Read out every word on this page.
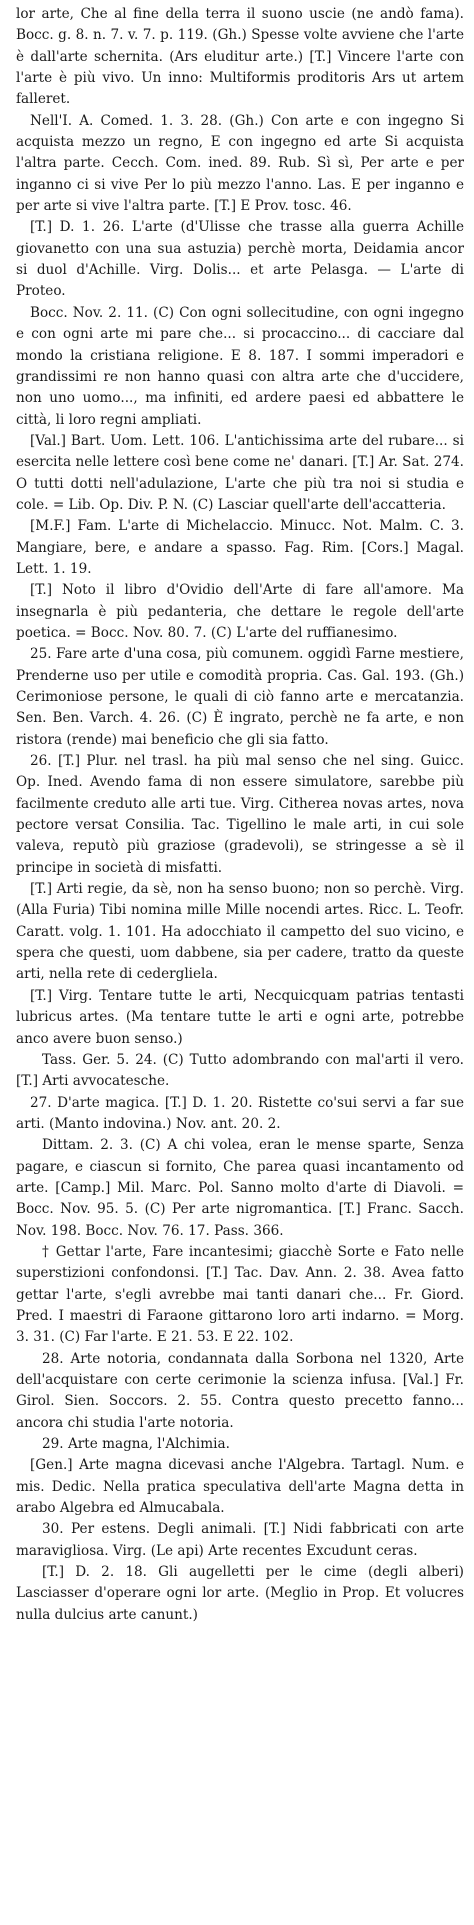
lor arte, Che al fine della terra il suono uscie (ne andò fama). Bocc. g. 8. n. 7. v. 7. p. 119. (Gh.) Spesse volte avviene che l'arte è dall'arte schernita. (Ars eluditur arte.) [T.] Vincere l'arte con l'arte è più vivo. Un inno: Multiformis proditoris Ars ut artem falleret.

Nell'I. A. Comed. 1. 3. 28. (Gh.) Con arte e con ingegno Si acquista mezzo un regno, E con ingegno ed arte Si acquista l'altra parte. Cecch. Com. ined. 89. Rub. Sì sì, Per arte e per inganno ci si vive Per lo più mezzo l'anno. Las. E per inganno e per arte si vive l'altra parte. [T.] E Prov. tosc. 46.

[T.] D. 1. 26. L'arte (d'Ulisse che trasse alla guerra Achille giovanetto con una sua astuzia) perchè morta, Deidamia ancor si duol d'Achille. Virg. Dolis... et arte Pelasga. — L'arte di Proteo.

Bocc. Nov. 2. 11. (C) Con ogni sollecitudine, con ogni ingegno e con ogni arte mi pare che... si procaccino... di cacciare dal mondo la cristiana religione. E 8. 187. I sommi imperadori e grandissimi re non hanno quasi con altra arte che d'uccidere, non uno uomo..., ma infiniti, ed ardere paesi ed abbattere le città, li loro regni ampliati.

[Val.] Bart. Uom. Lett. 106. L'antichissima arte del rubare... si esercita nelle lettere così bene come ne' danari. [T.] Ar. Sat. 274. O tutti dotti nell'adulazione, L'arte che più tra noi si studia e cole. = Lib. Op. Div. P. N. (C) Lasciar quell'arte dell'accatteria.

[M.F.] Fam. L'arte di Michelaccio. Minucc. Not. Malm. C. 3. Mangiare, bere, e andare a spasso. Fag. Rim. [Cors.] Magal. Lett. 1. 19.

[T.] Noto il libro d'Ovidio dell'Arte di fare all'amore. Ma insegnarla è più pedanteria, che dettare le regole dell'arte poetica. = Bocc. Nov. 80. 7. (C) L'arte del ruffianesimo.

25. Fare arte d'una cosa, più comunem. oggidì Farne mestiere, Prenderne uso per utile e comodità propria. Cas. Gal. 193. (Gh.) Cerimoniose persone, le quali di ciò fanno arte e mercatanzia. Sen. Ben. Varch. 4. 26. (C) È ingrato, perchè ne fa arte, e non ristora (rende) mai beneficio che gli sia fatto.

26. [T.] Plur. nel trasl. ha più mal senso che nel sing. Guicc. Op. Ined. Avendo fama di non essere simulatore, sarebbe più facilmente creduto alle arti tue. Virg. Citherea novas artes, nova pectore versat Consilia. Tac. Tigellino le male arti, in cui sole valeva, reputò più graziose (gradevoli), se stringesse a sè il principe in società di misfatti.

[T.] Arti regie, da sè, non ha senso buono; non so perchè. Virg. (Alla Furia) Tibi nomina mille Mille nocendi artes. Ricc. L. Teofr. Caratt. volg. 1. 101. Ha adocchiato il campetto del suo vicino, e spera che questi, uom dabbene, sia per cadere, tratto da queste arti, nella rete di cedergliela.

[T.] Virg. Tentare tutte le arti, Necquicquam patrias tentasti lubricus artes. (Ma tentare tutte le arti e ogni arte, potrebbe anco avere buon senso.)

Tass. Ger. 5. 24. (C) Tutto adombrando con mal'arti il vero. [T.] Arti avvocatesche.

27. D'arte magica. [T.] D. 1. 20. Ristette co'sui servi a far sue arti. (Manto indovina.) Nov. ant. 20. 2.

Dittam. 2. 3. (C) A chi volea, eran le mense sparte, Senza pagare, e ciascun si fornito, Che parea quasi incantamento od arte. [Camp.] Mil. Marc. Pol. Sanno molto d'arte di Diavoli. = Bocc. Nov. 95. 5. (C) Per arte nigromantica. [T.] Franc. Sacch. Nov. 198. Bocc. Nov. 76. 17. Pass. 366.

† Gettar l'arte, Fare incantesimi; giacchè Sorte e Fato nelle superstizioni confondonsi. [T.] Tac. Dav. Ann. 2. 38. Avea fatto gettar l'arte, s'egli avrebbe mai tanti danari che... Fr. Giord. Pred. I maestri di Faraone gittarono loro arti indarno. = Morg. 3. 31. (C) Far l'arte. E 21. 53. E 22. 102.

28. Arte notoria, condannata dalla Sorbona nel 1320, Arte dell'acquistare con certe cerimonie la scienza infusa. [Val.] Fr. Girol. Sien. Soccors. 2. 55. Contra questo precetto fanno... ancora chi studia l'arte notoria.

29. Arte magna, l'Alchimia.

[Gen.] Arte magna dicevasi anche l'Algebra. Tartagl. Num. e mis. Dedic. Nella pratica speculativa dell'arte Magna detta in arabo Algebra ed Almucabala.

30. Per estens. Degli animali. [T.] Nidi fabbricati con arte maravigliosa. Virg. (Le api) Arte recentes Excudunt ceras.

[T.] D. 2. 18. Gli augelletti per le cime (degli alberi) Lasciasser d'operare ogni lor arte. (Meglio in Prop. Et volucres nulla dulcius arte canunt.)
